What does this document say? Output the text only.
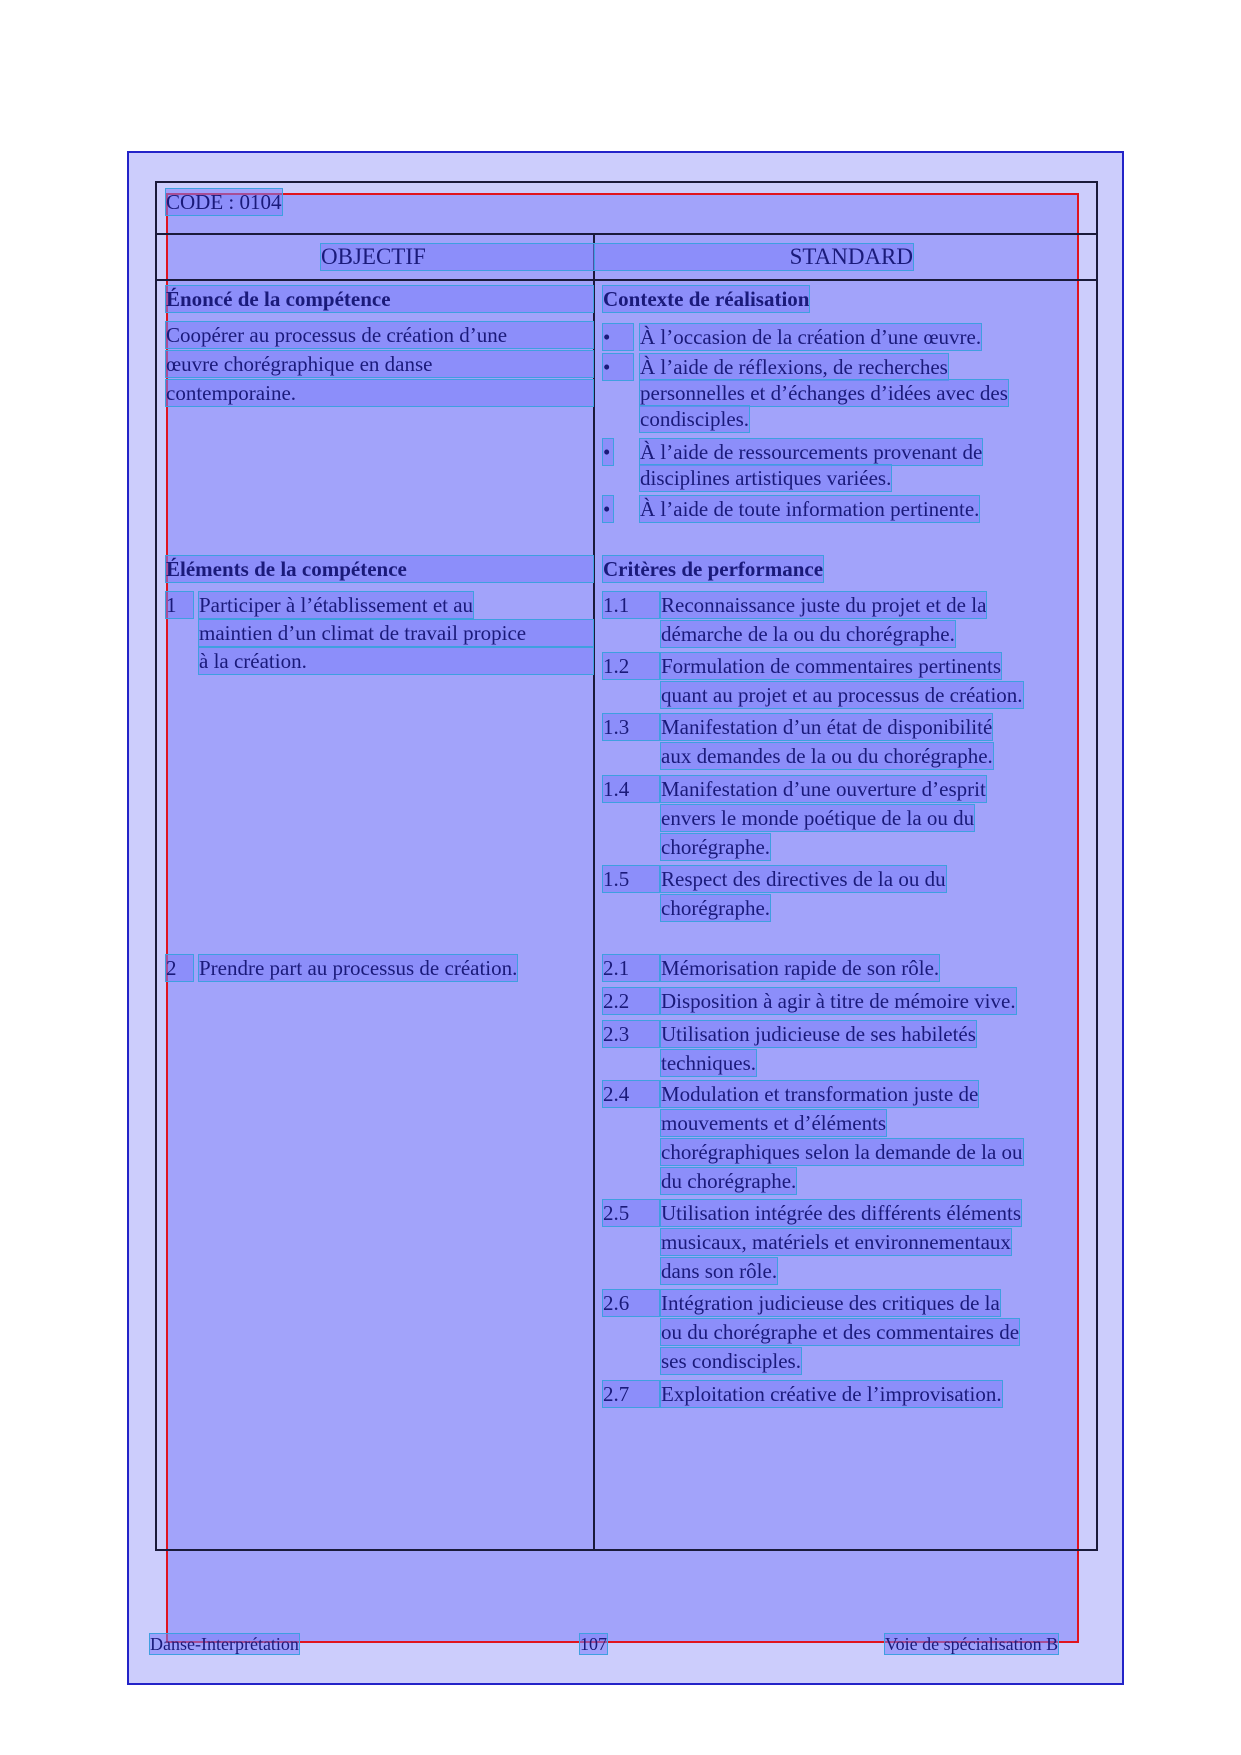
CODE : 0104
OBJECTIF	STANDARD
Énoncé de la compétence
Coopérer au processus de création d’une
œuvre chorégraphique en danse
contemporaine.
Contexte de réalisation
•	À l’occasion de la création d’une œuvre.
•	À l’aide de réflexions, de recherches
personnelles et d’échanges d’idées avec des
condisciples.
• À l’aide de ressourcements provenant de
disciplines artistiques variées.
• À l’aide de toute information pertinente.
Éléments de la compétence
1	Participer à l’établissement et au
maintien d’un climat de travail propice
à la création.
2	Prendre part au processus de création.
Critères de performance
1.1	Reconnaissance juste du projet et de la
démarche de la ou du chorégraphe.
1.2	Formulation de commentaires pertinents
quant au projet et au processus de création.
1.3	Manifestation d’un état de disponibilité
aux demandes de la ou du chorégraphe.
1.4	Manifestation d’une ouverture d’esprit
envers le monde poétique de la ou du
chorégraphe.
1.5	Respect des directives de la ou du
chorégraphe.
2.1	Mémorisation rapide de son rôle.
2.2	Disposition à agir à titre de mémoire vive.
2.3	Utilisation judicieuse de ses habiletés
techniques.
2.4	Modulation et transformation juste de
mouvements et d’éléments
chorégraphiques selon la demande de la ou
du chorégraphe.
2.5	Utilisation intégrée des différents éléments
musicaux, matériels et environnementaux
dans son rôle.
2.6	Intégration judicieuse des critiques de la
ou du chorégraphe et des commentaires de
ses condisciples.
2.7	Exploitation créative de l’improvisation.
Danse-Interprétation	107	Voie de spécialisation B
